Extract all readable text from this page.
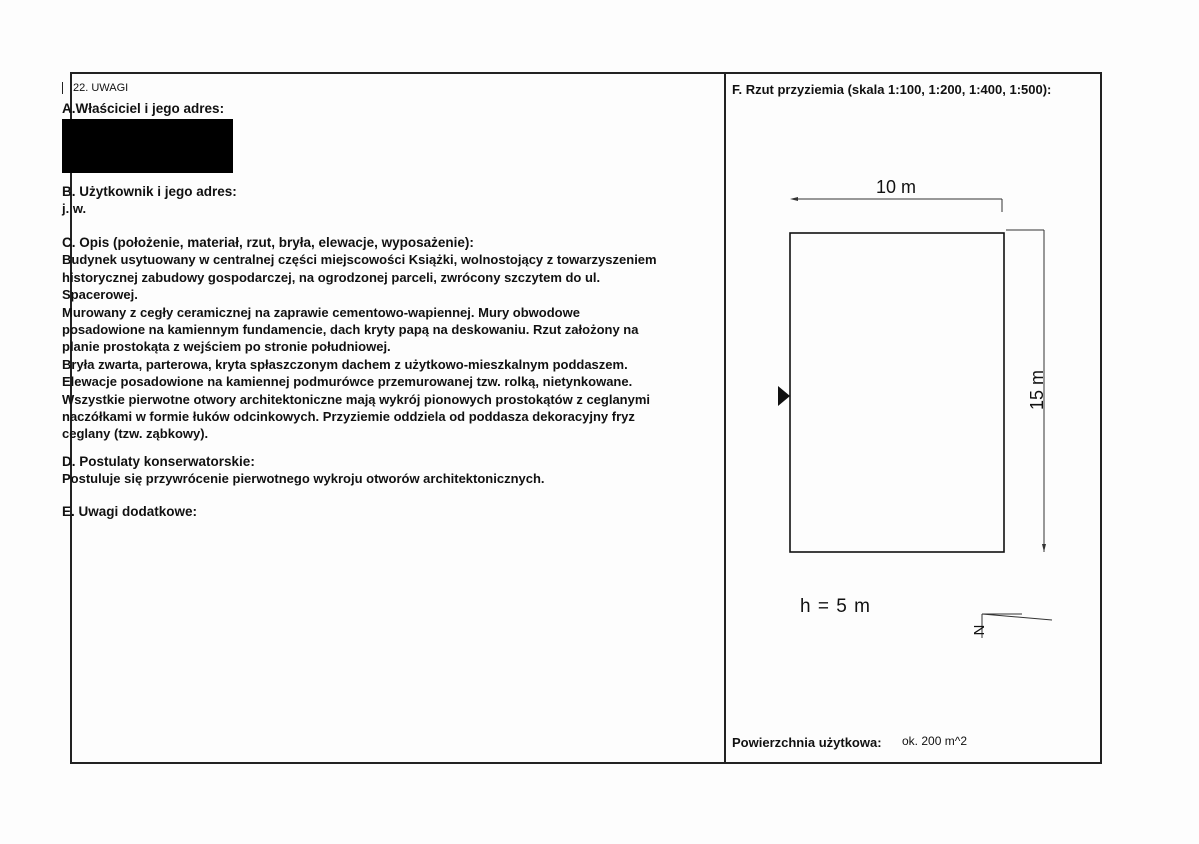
22. UWAGI
A.Właściciel i jego adres:
B. Użytkownik i jego adres:
j. w.
C. Opis (położenie, materiał, rzut, bryła, elewacje, wyposażenie):
Budynek usytuowany w centralnej części miejscowości Książki, wolnostojący z towarzyszeniem
historycznej zabudowy gospodarczej, na ogrodzonej parceli, zwrócony szczytem do ul.
Spacerowej.
Murowany z cegły ceramicznej na zaprawie cementowo-wapiennej. Mury obwodowe
posadowione na kamiennym fundamencie, dach kryty papą na deskowaniu. Rzut założony na
planie prostokąta z wejściem po stronie południowej.
Bryła zwarta, parterowa, kryta spłaszczonym dachem z użytkowo-mieszkalnym poddaszem.
Elewacje posadowione na kamiennej podmurówce przemurowanej tzw. rolką, nietynkowane.
Wszystkie pierwotne otwory architektoniczne mają wykrój pionowych prostokątów z ceglanymi
naczółkami w formie łuków odcinkowych. Przyziemie oddziela od poddasza dekoracyjny fryz
ceglany (tzw. ząbkowy).
D. Postulaty konserwatorskie:
Postuluje się przywrócenie pierwotnego wykroju otworów architektonicznych.
E. Uwagi dodatkowe:
F. Rzut przyziemia (skala 1:100, 1:200, 1:400, 1:500):
10 m
15 m
N
h = 5 m
Powierzchnia użytkowa: ok. 200 m^2
